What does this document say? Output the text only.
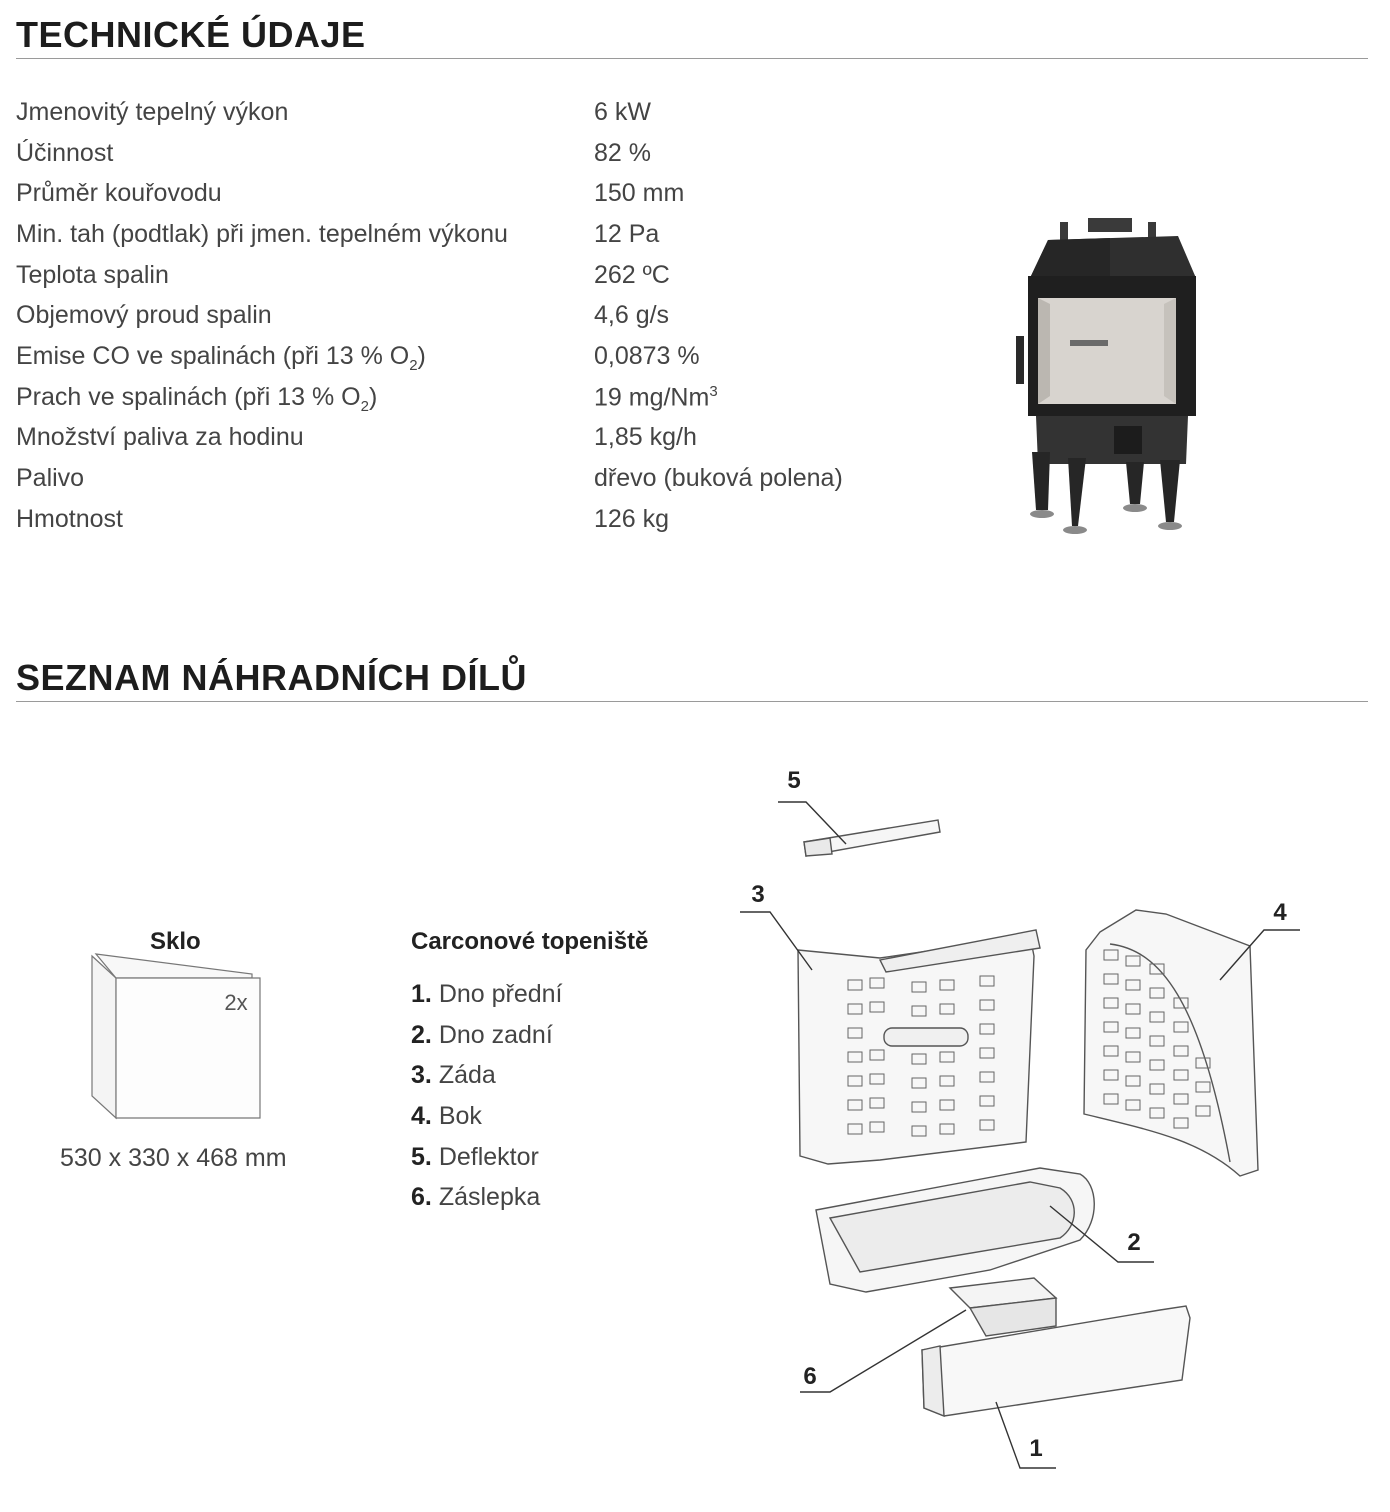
TECHNICKÉ ÚDAJE
Jmenovitý tepelný výkon	6 kW
Účinnost	82 %
Průměr kouřovodu	150 mm
Min. tah (podtlak) při jmen. tepelném výkonu	12 Pa
Teplota spalin	262 ºC
Objemový proud spalin	4,6 g/s
Emise CO ve spalinách (při 13 % $O_2$)	0,0873 %
Prach ve spalinách (při 13 % $O_2$)	19 mg/Nm$^3$
Množství paliva za hodinu	1,85 kg/h
Palivo	dřevo (buková polena)
Hmotnost	126 kg
SEZNAM NÁHRADNÍCH DÍLŮ
Sklo
2x
530 x 330 x 468 mm
Carconové topeniště
1. Dno přední
2. Dno zadní
3. Záda
4. Bok
5. Deflektor
6. Záslepka
5
3
4
2
6
1
